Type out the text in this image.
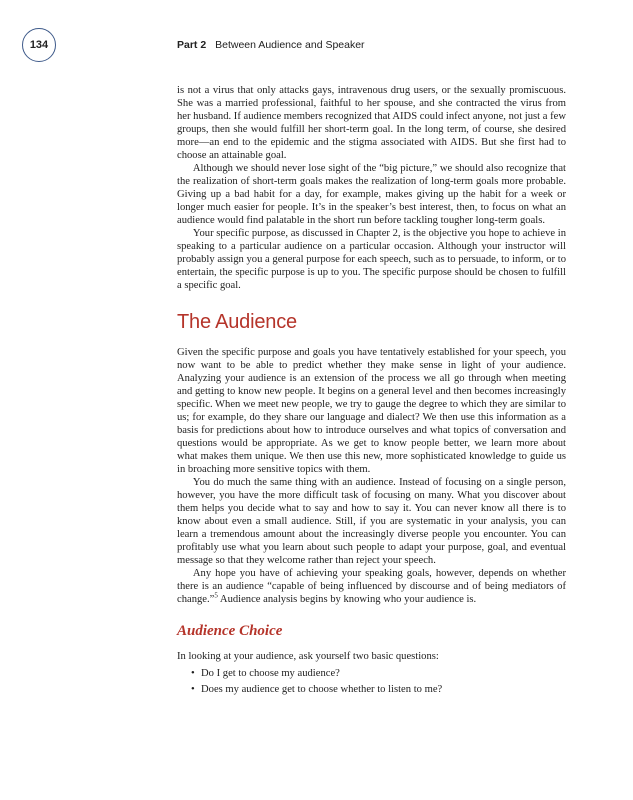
134	Part 2 Between Audience and Speaker

is not a virus that only attacks gays, intravenous drug users, or the sexually promiscuous. She was a married professional, faithful to her spouse, and she contracted the virus from her husband. If audience members recognized that AIDS could infect anyone, not just a few groups, then she would fulfill her short-term goal. In the long term, of course, she desired more—an end to the epidemic and the stigma associated with AIDS. But she first had to choose an attainable goal.

Although we should never lose sight of the “big picture,” we should also recognize that the realization of short-term goals makes the realization of long-term goals more probable. Giving up a bad habit for a day, for example, makes giving up the habit for a week or longer much easier for people. It’s in the speaker’s best interest, then, to focus on what an audience would find palatable in the short run before tackling tougher long-term goals.

Your specific purpose, as discussed in Chapter 2, is the objective you hope to achieve in speaking to a particular audience on a particular occasion. Although your instructor will probably assign you a general purpose for each speech, such as to persuade, to inform, or to entertain, the specific purpose is up to you. The specific purpose should be chosen to fulfill a specific goal.

The Audience

Given the specific purpose and goals you have tentatively established for your speech, you now want to be able to predict whether they make sense in light of your audience. Analyzing your audience is an extension of the process we all go through when meeting and getting to know new people. It begins on a general level and then becomes increasingly specific. When we meet new people, we try to gauge the degree to which they are similar to us; for example, do they share our language and dialect? We then use this information as a basis for predictions about how to introduce ourselves and what topics of conversation and questions would be appropriate. As we get to know people better, we learn more about what makes them unique. We then use this new, more sophisticated knowledge to guide us in broaching more sensitive topics with them.

You do much the same thing with an audience. Instead of focusing on a single person, however, you have the more difficult task of focusing on many. What you discover about them helps you decide what to say and how to say it. You can never know all there is to know about even a small audience. Still, if you are systematic in your analysis, you can learn a tremendous amount about the increasingly diverse people you encounter. You can profitably use what you learn about such people to adapt your purpose, goal, and eventual message so that they welcome rather than reject your speech.

Any hope you have of achieving your speaking goals, however, depends on whether there is an audience “capable of being influenced by discourse and of being mediators of change.”$^5$ Audience analysis begins by knowing who your audience is.

Audience Choice

In looking at your audience, ask yourself two basic questions:

• Do I get to choose my audience?
• Does my audience get to choose whether to listen to me?
